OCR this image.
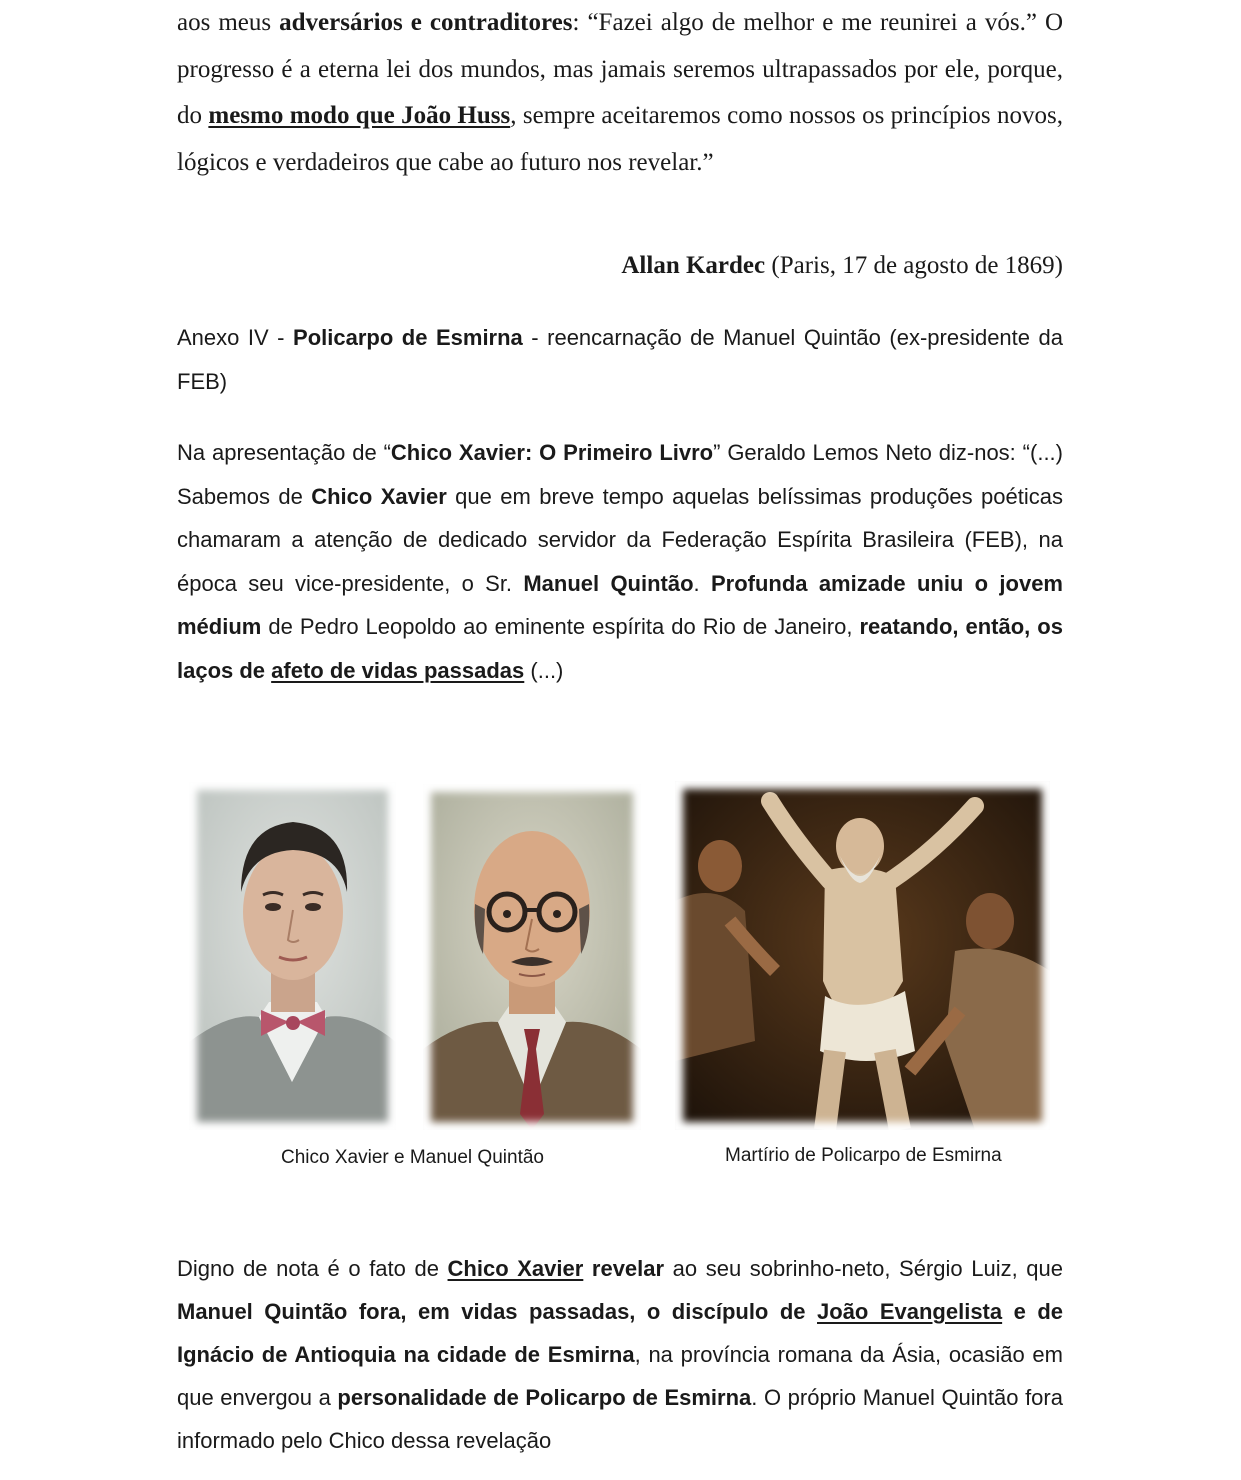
aos meus adversários e contraditores: “Fazei algo de melhor e me reunirei a vós.” O progresso é a eterna lei dos mundos, mas jamais seremos ultrapassados por ele, porque, do mesmo modo que João Huss, sempre aceitaremos como nossos os princípios novos, lógicos e verdadeiros que cabe ao futuro nos revelar.”

Allan Kardec (Paris, 17 de agosto de 1869)

Anexo IV - Policarpo de Esmirna - reencarnação de Manuel Quintão (ex-presidente da FEB)

Na apresentação de “Chico Xavier: O Primeiro Livro” Geraldo Lemos Neto diz-nos: “(...) Sabemos de Chico Xavier que em breve tempo aquelas belíssimas produções poéticas chamaram a atenção de dedicado servidor da Federação Espírita Brasileira (FEB), na época seu vice-presidente, o Sr. Manuel Quintão. Profunda amizade uniu o jovem médium de Pedro Leopoldo ao eminente espírita do Rio de Janeiro, reatando, então, os laços de afeto de vidas passadas (...)

Chico Xavier e Manuel Quintão	Martírio de Policarpo de Esmirna

Digno de nota é o fato de Chico Xavier revelar ao seu sobrinho-neto, Sérgio Luiz, que Manuel Quintão fora, em vidas passadas, o discípulo de João Evangelista e de Ignácio de Antioquia na cidade de Esmirna, na província romana da Ásia, ocasião em que envergou a personalidade de Policarpo de Esmirna. O próprio Manuel Quintão fora informado pelo Chico dessa revelação
